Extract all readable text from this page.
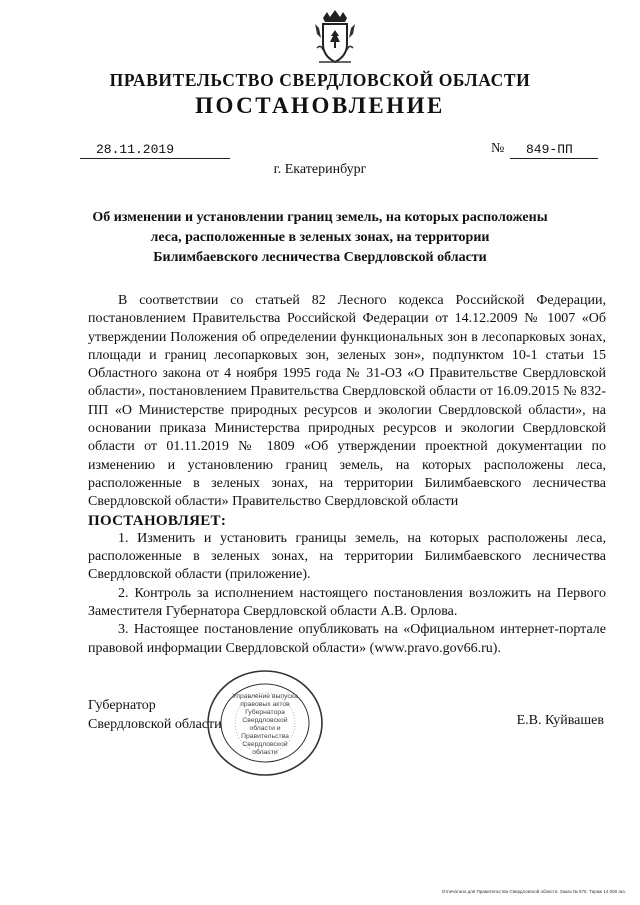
ПРАВИТЕЛЬСТВО СВЕРДЛОВСКОЙ ОБЛАСТИ
ПОСТАНОВЛЕНИЕ
28.11.2019	№	849-ПП
г. Екатеринбург
Об изменении и установлении границ земель, на которых расположены
леса, расположенные в зеленых зонах, на территории
Билимбаевского лесничества Свердловской области

В соответствии со статьей 82 Лесного кодекса Российской Федерации, постановлением Правительства Российской Федерации от 14.12.2009 № 1007 «Об утверждении Положения об определении функциональных зон в лесопарковых зонах, площади и границ лесопарковых зон, зеленых зон», подпунктом 10-1 статьи 15 Областного закона от 4 ноября 1995 года № 31-ОЗ «О Правительстве Свердловской области», постановлением Правительства Свердловской области от 16.09.2015 № 832-ПП «О Министерстве природных ресурсов и экологии Свердловской области», на основании приказа Министерства природных ресурсов и экологии Свердловской области от 01.11.2019 № 1809 «Об утверждении проектной документации по изменению и установлению границ земель, на которых расположены леса, расположенные в зеленых зонах, на территории Билимбаевского лесничества Свердловской области» Правительство Свердловской области

ПОСТАНОВЛЯЕТ:

1. Изменить и установить границы земель, на которых расположены леса, расположенные в зеленых зонах, на территории Билимбаевского лесничества Свердловской области (приложение).

2. Контроль за исполнением настоящего постановления возложить на Первого Заместителя Губернатора Свердловской области А.В. Орлова.

3. Настоящее постановление опубликовать на «Официальном интернет-портале правовой информации Свердловской области» (www.pravo.gov66.ru).

Губернатор
Свердловской области
Управление выпуска правовых актов Губернатора Свердловской области и Правительства Свердловской области
Е.В. Куйвашев
Отпечатано для Правительства Свердловской области. Заказ № 575. Тираж 14 000 экз.
